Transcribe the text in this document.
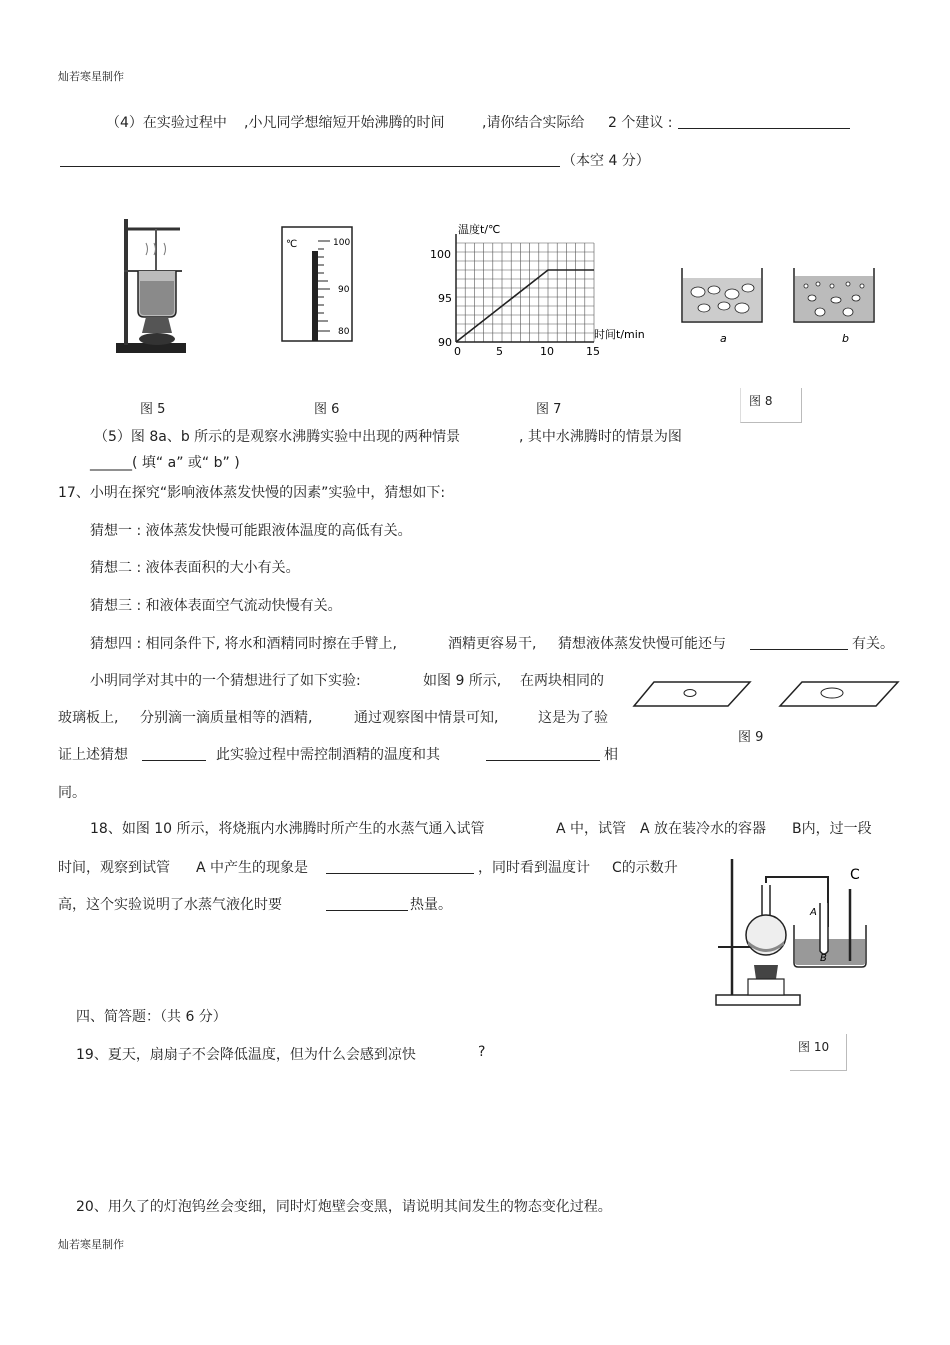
灿若寒星制作
（4）在实验过程中 ,小凡同学想缩短开始沸腾的时间	,请你结合实际给 2 个建议 :
（本空 4 分）
图 5
℃	100
90
80
图 6
温度t/℃
时间t/min
100
95
90
0	5	10	15
图 7
a	b
图 8
（5）图 8a、b 所示的是观察水沸腾实验中出现的两种情景	, 其中水沸腾时的情景为图
______( 填“ a” 或“ b” )
17、小明在探究“影响液体蒸发快慢的因素”实验中，猜想如下:
猜想一 : 液体蒸发快慢可能跟液体温度的高低有关。
猜想二 : 液体表面积的大小有关。
猜想三 : 和液体表面空气流动快慢有关。
猜想四 : 相同条件下, 将水和酒精同时擦在手臂上,	酒精更容易干, 猜想液体蒸发快慢可能还与	有关。
小明同学对其中的一个猜想进行了如下实验:	如图 9 所示, 在两块相同的
玻璃板上, 分别滴一滴质量相等的酒精,	通过观察图中情景可知,	这是为了验
证上述猜想	此实验过程中需控制酒精的温度和其	相
同。
图 9
18、如图 10 所示，将烧瓶内水沸腾时所产生的水蒸气通入试管	A 中，试管 A 放在装冷水的容器 B内，过一段
时间，观察到试管 A 中产生的现象是	，同时看到温度计 C的示数升
高，这个实验说明了水蒸气液化时要	热量。	A
B
C
图 10
四、简答题：（共 6 分）
19、夏天，扇扇子不会降低温度，但为什么会感到凉快	?
20、用久了的灯泡钨丝会变细，同时灯炮壁会变黑，请说明其间发生的物态变化过程。
灿若寒星制作
